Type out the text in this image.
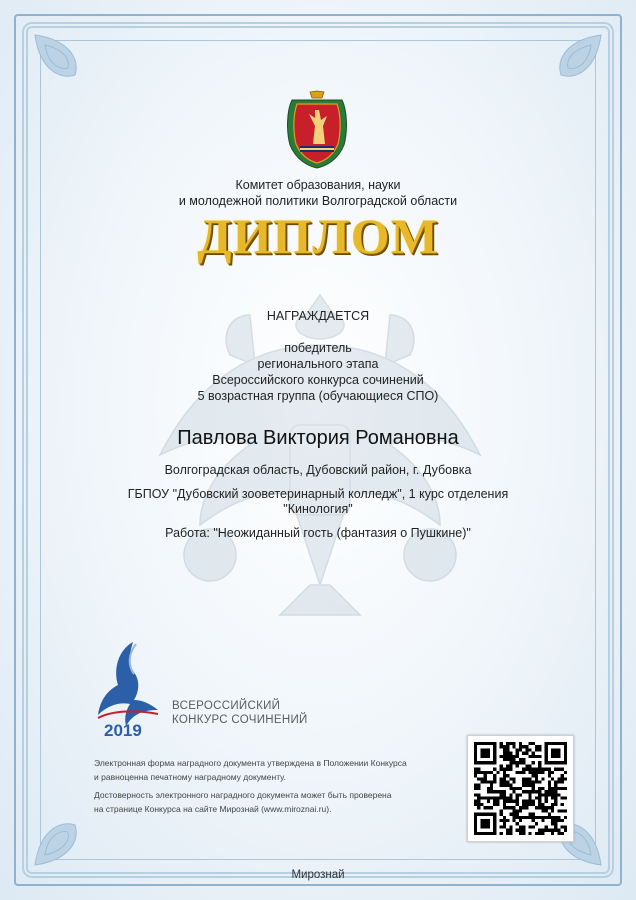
Комитет образования, науки
и молодежной политики Волгоградской области
ДИПЛОМ
НАГРАЖДАЕТСЯ
победитель
регионального этапа
Всероссийского конкурса сочинений
5 возрастная группа (обучающиеся СПО)
Павлова Виктория Романовна
Волгоградская область, Дубовский район, г. Дубовка
ГБПОУ "Дубовский зооветеринарный колледж", 1 курс отделения
"Кинология"
Работа: "Неожиданный гость (фантазия о Пушкине)"
2019
ВСЕРОССИЙСКИЙ
КОНКУРС СОЧИНЕНИЙ
Электронная форма наградного документа утверждена в Положении Конкурса
и равноценна печатному наградному документу.
Достоверность электронного наградного документа может быть проверена
на странице Конкурса на сайте Мирознай (www.miroznai.ru).
Мирознай
